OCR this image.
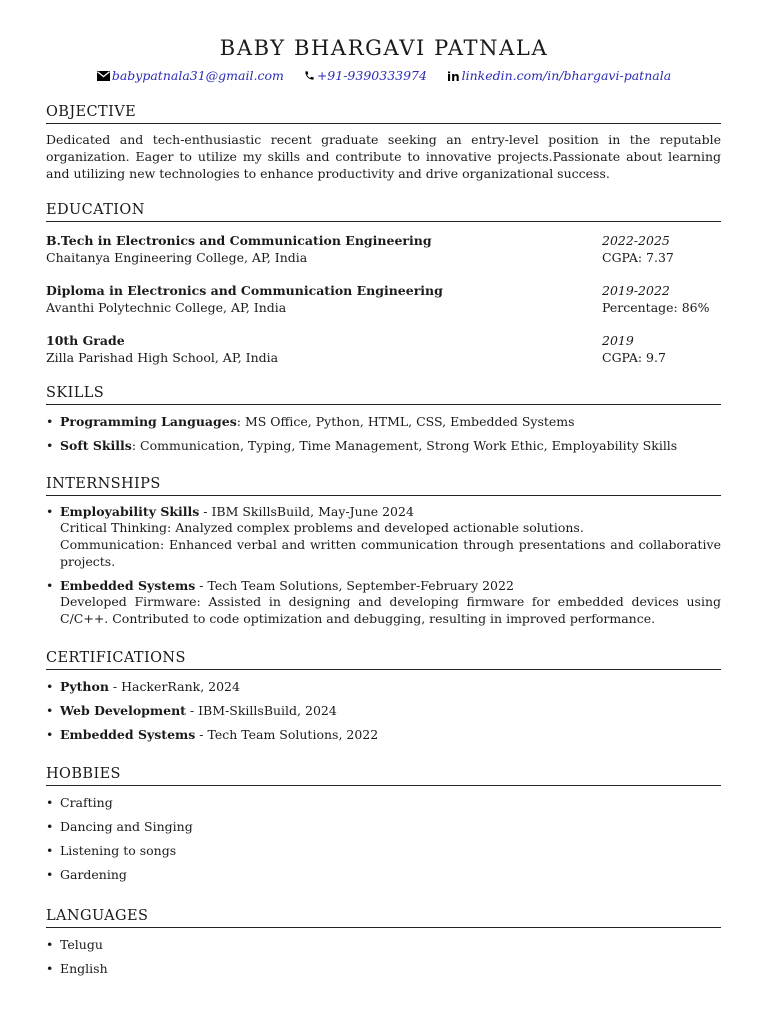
BABY BHARGAVI PATNALA
babypatnala31@gmail.com	+91-9390333974 in linkedin.com/in/bhargavi-patnala
OBJECTIVE

Dedicated and tech-enthusiastic recent graduate seeking an entry-level position in the reputable organization. Eager to utilize my skills and contribute to innovative projects.Passionate about learning and utilizing new technologies to enhance productivity and drive organizational success.

EDUCATION
B.Tech in Electronics and Communication Engineering
Chaitanya Engineering College, AP, India
2022-2025
CGPA: 7.37
Diploma in Electronics and Communication Engineering
Avanthi Polytechnic College, AP, India
2019-2022
Percentage: 86%
10th Grade
Zilla Parishad High School, AP, India
2019
CGPA: 9.7
SKILLS
• Programming Languages: MS Office, Python, HTML, CSS, Embedded Systems
• Soft Skills: Communication, Typing, Time Management, Strong Work Ethic, Employability Skills
INTERNSHIPS
• Employability Skills - IBM SkillsBuild, May-June 2024
Critical Thinking: Analyzed complex problems and developed actionable solutions.
Communication: Enhanced verbal and written communication through presentations and collaborative projects.
• Embedded Systems - Tech Team Solutions, September-February 2022
Developed Firmware: Assisted in designing and developing firmware for embedded devices using C/C++. Contributed to code optimization and debugging, resulting in improved performance.
CERTIFICATIONS
• Python - HackerRank, 2024
• Web Development - IBM-SkillsBuild, 2024
• Embedded Systems - Tech Team Solutions, 2022
HOBBIES
• Crafting
• Dancing and Singing
• Listening to songs
• Gardening
LANGUAGES
• Telugu
• English
